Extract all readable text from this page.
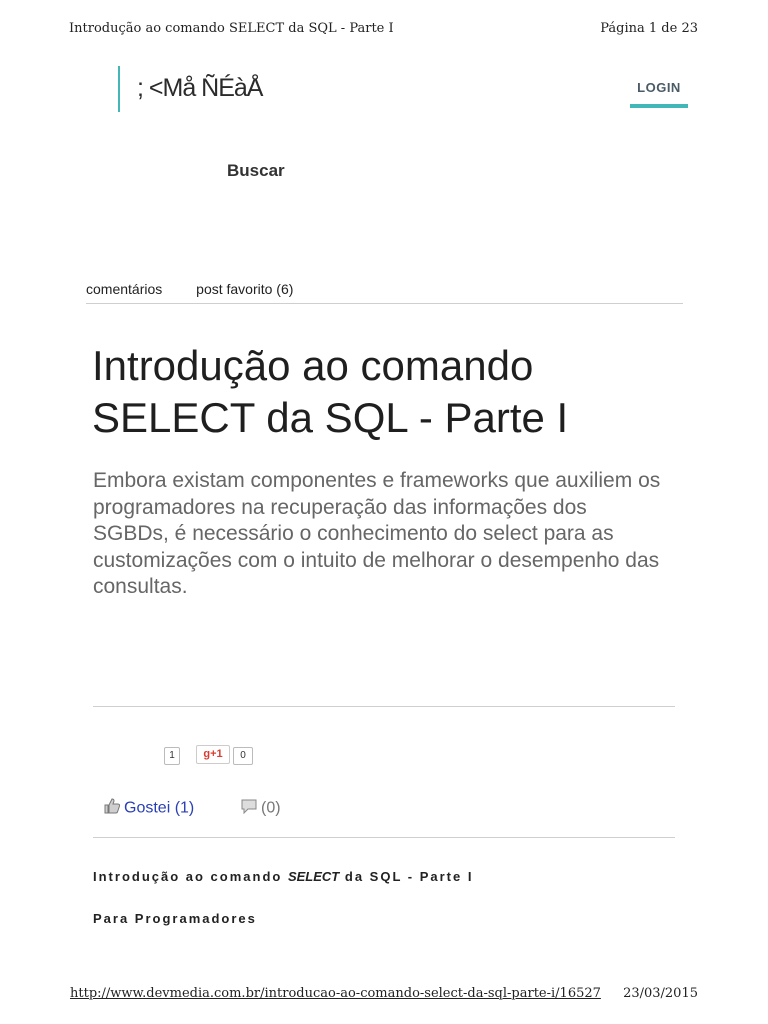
Introdução ao comando SELECT da SQL - Parte I	Página 1 de 23
; <Må ÑÉàÅ	LOGIN
Buscar
comentários post favorito (6)
Introdução ao comando SELECT da SQL - Parte I

Embora existam componentes e frameworks que auxiliem os programadores na recuperação das informações dos SGBDs, é necessário o conhecimento do select para as customizações com o intuito de melhorar o desempenho das consultas.

1	g+1	0
Gostei (1)	(0)
Introdução ao comando SELECT da SQL - Parte I
Para Programadores
http://www.devmedia.com.br/introducao-ao-comando-select-da-sql-parte-i/16527 23/03/2015
